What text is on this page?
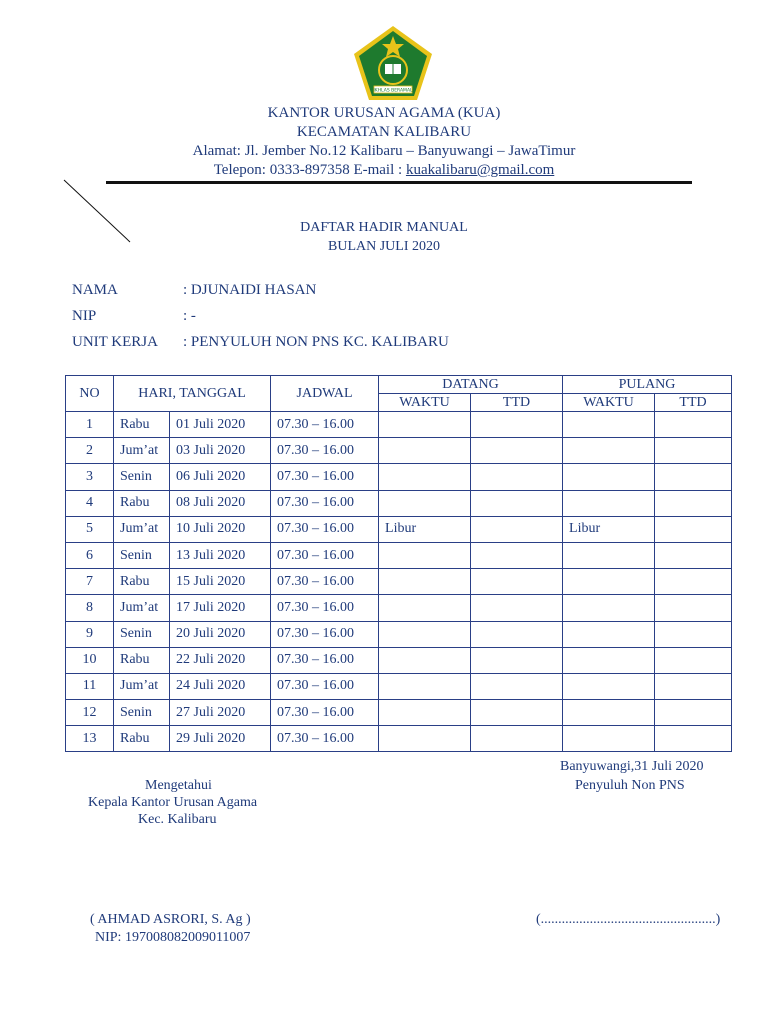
IKHLAS BERAMAL
KANTOR URUSAN AGAMA (KUA)
KECAMATAN KALIBARU
Alamat: Jl. Jember No.12 Kalibaru – Banyuwangi – JawaTimur
Telepon: 0333-897358 E-mail : kuakalibaru@gmail.com
DAFTAR HADIR MANUAL
BULAN JULI 2020
NAMA	: DJUNAIDI HASAN
NIP	: -
UNIT KERJA : PENYULUH NON PNS KC. KALIBARU
NO	HARI, TANGGAL		JADWAL	DATANG		PULANG	
				WAKTU	TTD	WAKTU	TTD
1	Rabu	01 Juli 2020	07.30 – 16.00				
2	Jum’at	03 Juli 2020	07.30 – 16.00				
3	Senin	06 Juli 2020	07.30 – 16.00				
4	Rabu	08 Juli 2020	07.30 – 16.00				
5	Jum’at	10 Juli 2020	07.30 – 16.00	Libur		Libur	
6	Senin	13 Juli 2020	07.30 – 16.00				
7	Rabu	15 Juli 2020	07.30 – 16.00				
8	Jum’at	17 Juli 2020	07.30 – 16.00				
9	Senin	20 Juli 2020	07.30 – 16.00				
10	Rabu	22 Juli 2020	07.30 – 16.00				
11	Jum’at	24 Juli 2020	07.30 – 16.00				
12	Senin	27 Juli 2020	07.30 – 16.00				
13	Rabu	29 Juli 2020	07.30 – 16.00				
Banyuwangi,31 Juli 2020
Penyuluh Non PNS
Mengetahui
Kepala Kantor Urusan Agama
Kec. Kalibaru
( AHMAD ASRORI, S. Ag )
NIP: 197008082009011007
(..................................................)
